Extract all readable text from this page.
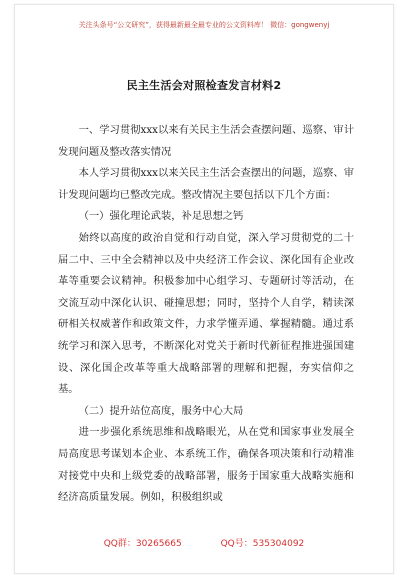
关注头条号“公文研究”，获得最新最全最专业的公文资料库！ 微信：gongwenyj
民主生活会对照检查发言材料2

一、学习贯彻xxx以来有关民主生活会查摆问题、巡察、审计发现问题及整改落实情况

本人学习贯彻xxx以来关民主生活会查摆出的问题，巡察、审计发现问题均已整改完成。整改情况主要包括以下几个方面：

（一）强化理论武装，补足思想之钙

始终以高度的政治自觉和行动自觉，深入学习贯彻党的二十届二中、三中全会精神以及中央经济工作会议、深化国有企业改革等重要会议精神。积极参加中心组学习、专题研讨等活动，在交流互动中深化认识、碰撞思想；同时，坚持个人自学，精读深研相关权威著作和政策文件，力求学懂弄通、掌握精髓。通过系统学习和深入思考，不断深化对党关于新时代新征程推进强国建设、深化国企改革等重大战略部署的理解和把握，夯实信仰之基。

（二）提升站位高度，服务中心大局

进一步强化系统思维和战略眼光，从在党和国家事业发展全局高度思考谋划本企业、本系统工作，确保各项决策和行动精准对接党中央和上级党委的战略部署，服务于国家重大战略实施和经济高质量发展。例如，积极组织或

QQ群：30265665	QQ号：535304092
